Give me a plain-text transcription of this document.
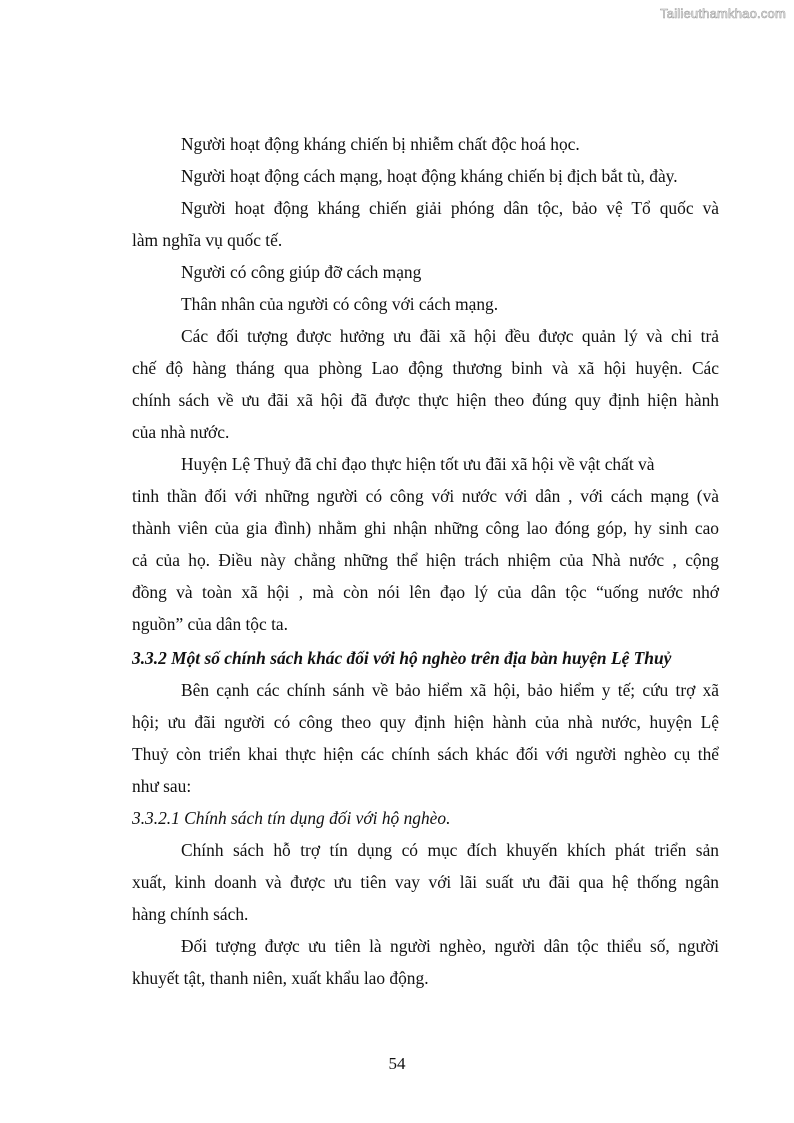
Tailieuthamkhao.com
Người hoạt động kháng chiến bị nhiễm chất độc hoá học.
Người hoạt động cách mạng, hoạt động kháng chiến bị địch bắt tù, đày.
Người hoạt động kháng chiến giải phóng dân tộc, bảo vệ Tổ quốc và
làm nghĩa vụ quốc tế.
Người có công giúp đỡ cách mạng
Thân nhân của người có công với cách mạng.
Các đối tượng được hưởng ưu đãi xã hội đều được quản lý và chi trả
chế độ hàng tháng qua phòng Lao động thương binh và xã hội huyện. Các
chính sách về ưu đãi xã hội đã được thực hiện theo đúng quy định hiện hành
của nhà nước.
Huyện Lệ Thuỷ đã chỉ đạo thực hiện tốt ưu đãi xã hội về vật chất và
tinh thần đối với những người có công với nước với dân , với cách mạng (và
thành viên của gia đình) nhằm ghi nhận những công lao đóng góp, hy sinh cao
cả của họ. Điều này chẳng những thể hiện trách nhiệm của Nhà nước , cộng
đồng và toàn xã hội , mà còn nói lên đạo lý của dân tộc “uống nước nhớ
nguồn” của dân tộc ta.
3.3.2 Một số chính sách khác đối với hộ nghèo trên địa bàn huyện Lệ Thuỷ
Bên cạnh các chính sánh về bảo hiểm xã hội, bảo hiểm y tế; cứu trợ xã
hội; ưu đãi người có công theo quy định hiện hành của nhà nước, huyện Lệ
Thuỷ còn triển khai thực hiện các chính sách khác đối với người nghèo cụ thể
như sau:
3.3.2.1 Chính sách tín dụng đối với hộ nghèo.
Chính sách hỗ trợ tín dụng có mục đích khuyến khích phát triển sản
xuất, kinh doanh và được ưu tiên vay với lãi suất ưu đãi qua hệ thống ngân
hàng chính sách.
Đối tượng được ưu tiên là người nghèo, người dân tộc thiểu số, người
khuyết tật, thanh niên, xuất khẩu lao động.
54
